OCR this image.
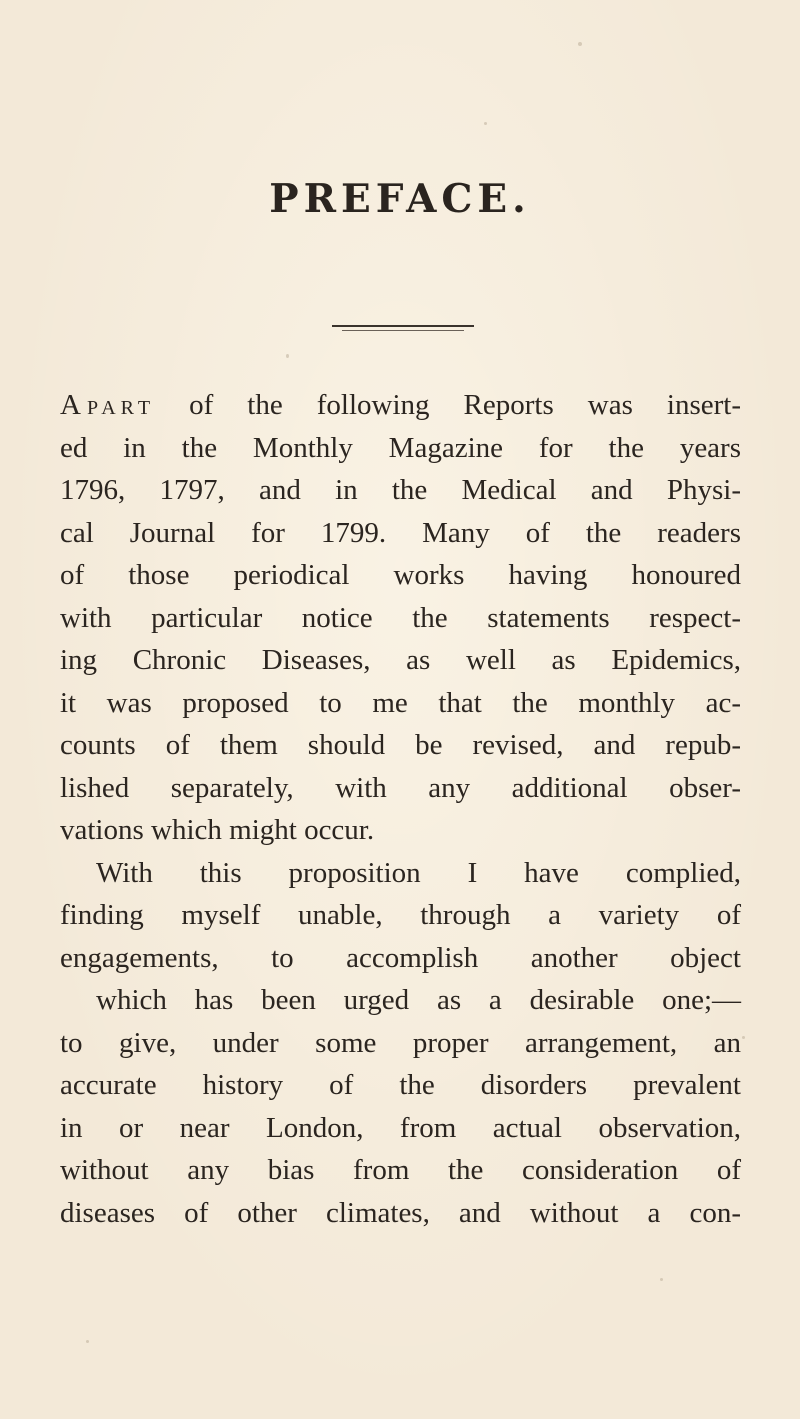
PREFACE.
A PART of the following Reports was insert-
ed in the Monthly Magazine for the years
1796, 1797, and in the Medical and Physi-
cal Journal for 1799. Many of the readers
of those periodical works having honoured
with particular notice the statements respect-
ing Chronic Diseases, as well as Epidemics,
it was proposed to me that the monthly ac-
counts of them should be revised, and repub-
lished separately, with any additional obser-
vations which might occur.
With this proposition I have complied,
finding myself unable, through a variety of
engagements, to accomplish another object
which has been urged as a desirable one;—
to give, under some proper arrangement, an
accurate history of the disorders prevalent
in or near London, from actual observation,
without any bias from the consideration of
diseases of other climates, and without a con-
